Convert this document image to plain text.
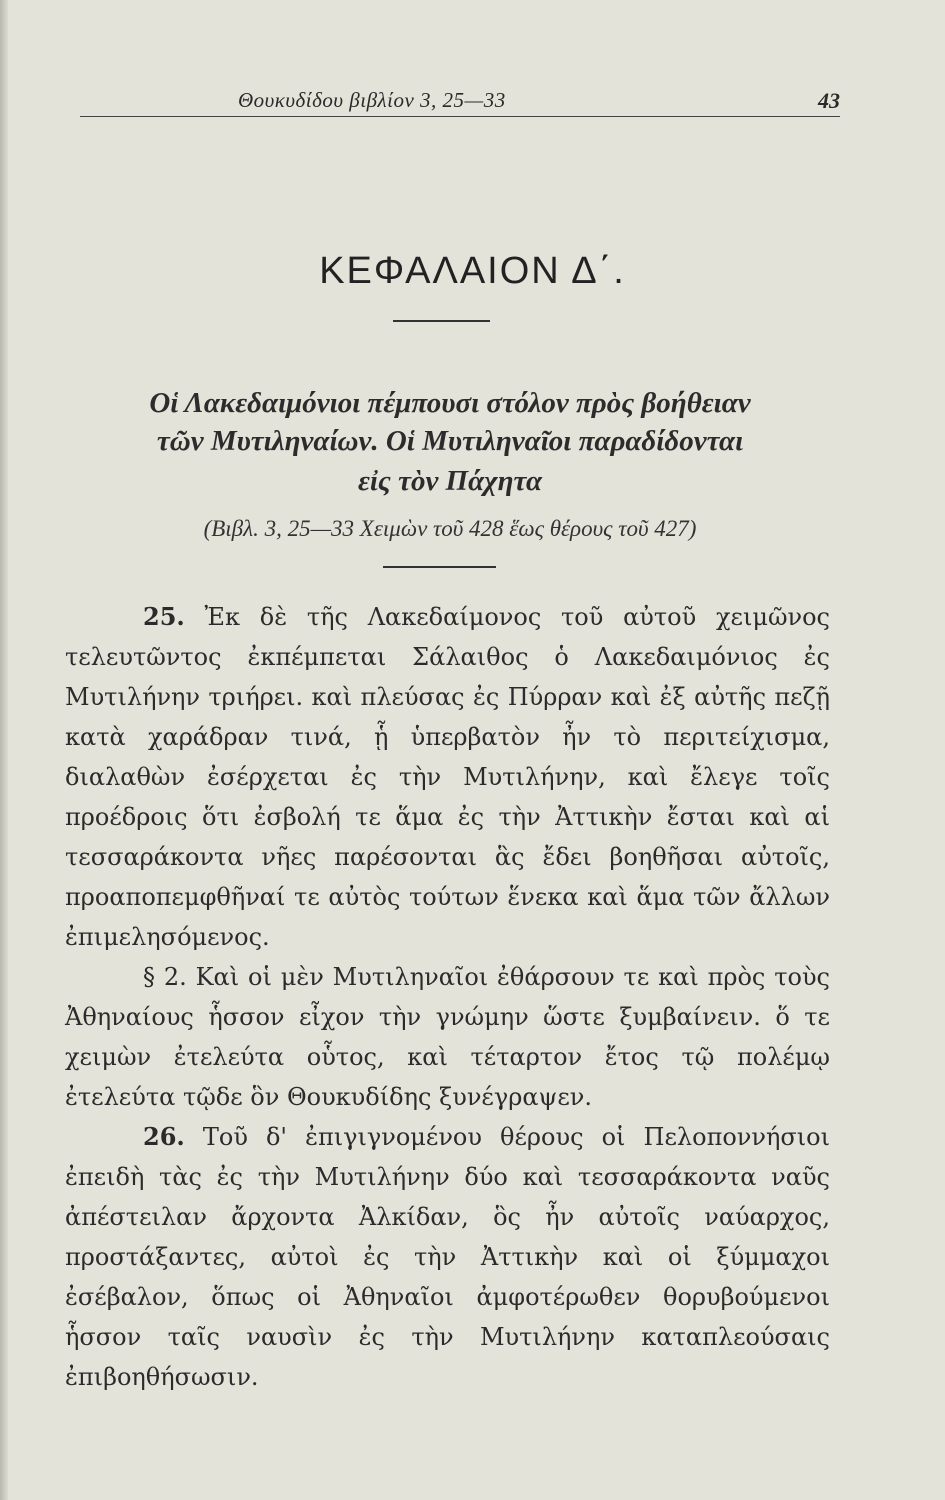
Θουκυδίδου βιβλίον 3, 25—33	43
ΚΕΦΑΛΑΙΟΝ Δ΄.
Οἱ Λακεδαιμόνιοι πέμπουσι στόλον πρὸς βοήθειαν
τῶν Μυτιληναίων. Οἱ Μυτιληναῖοι παραδίδονται
εἰς τὸν Πάχητα
(Βιβλ. 3, 25—33 Χειμὼν τοῦ 428 ἕως θέρους τοῦ 427)

25. Ἐκ δὲ τῆς Λακεδαίμονος τοῦ αὐτοῦ χειμῶνος τελευτῶντος ἐκπέμπεται Σάλαιθος ὁ Λακεδαιμόνιος ἐς Μυτιλήνην τριήρει. καὶ πλεύσας ἐς Πύρραν καὶ ἐξ αὐτῆς πεζῇ κατὰ χαράδραν τινά, ᾗ ὑπερβατὸν ἦν τὸ περιτείχισμα, διαλαθὼν ἐσέρχεται ἐς τὴν Μυτιλήνην, καὶ ἔλεγε τοῖς προέδροις ὅτι ἐσβολή τε ἅμα ἐς τὴν Ἀττικὴν ἔσται καὶ αἱ τεσσαράκοντα νῆες παρέσονται ἃς ἔδει βοηθῆσαι αὐτοῖς, προαποπεμφθῆναί τε αὐτὸς τούτων ἕνεκα καὶ ἅμα τῶν ἄλλων ἐπιμελησόμενος.

§ 2. Καὶ οἱ μὲν Μυτιληναῖοι ἐθάρσουν τε καὶ πρὸς τοὺς Ἀθηναίους ἧσσον εἶχον τὴν γνώμην ὥστε ξυμβαίνειν. ὅ τε χειμὼν ἐτελεύτα οὗτος, καὶ τέταρτον ἔτος τῷ πολέμῳ ἐτελεύτα τῷδε ὃν Θουκυδίδης ξυνέγραψεν.

26. Τοῦ δ' ἐπιγιγνομένου θέρους οἱ Πελοποννήσιοι ἐπειδὴ τὰς ἐς τὴν Μυτιλήνην δύο καὶ τεσσαράκοντα ναῦς ἀπέστειλαν ἄρχοντα Ἀλκίδαν, ὃς ἦν αὐτοῖς ναύαρχος, προστάξαντες, αὐτοὶ ἐς τὴν Ἀττικὴν καὶ οἱ ξύμμαχοι ἐσέβαλον, ὅπως οἱ Ἀθηναῖοι ἀμφοτέρωθεν θορυβούμενοι ἧσσον ταῖς ναυσὶν ἐς τὴν Μυτιλήνην καταπλεούσαις ἐπιβοηθήσωσιν.
